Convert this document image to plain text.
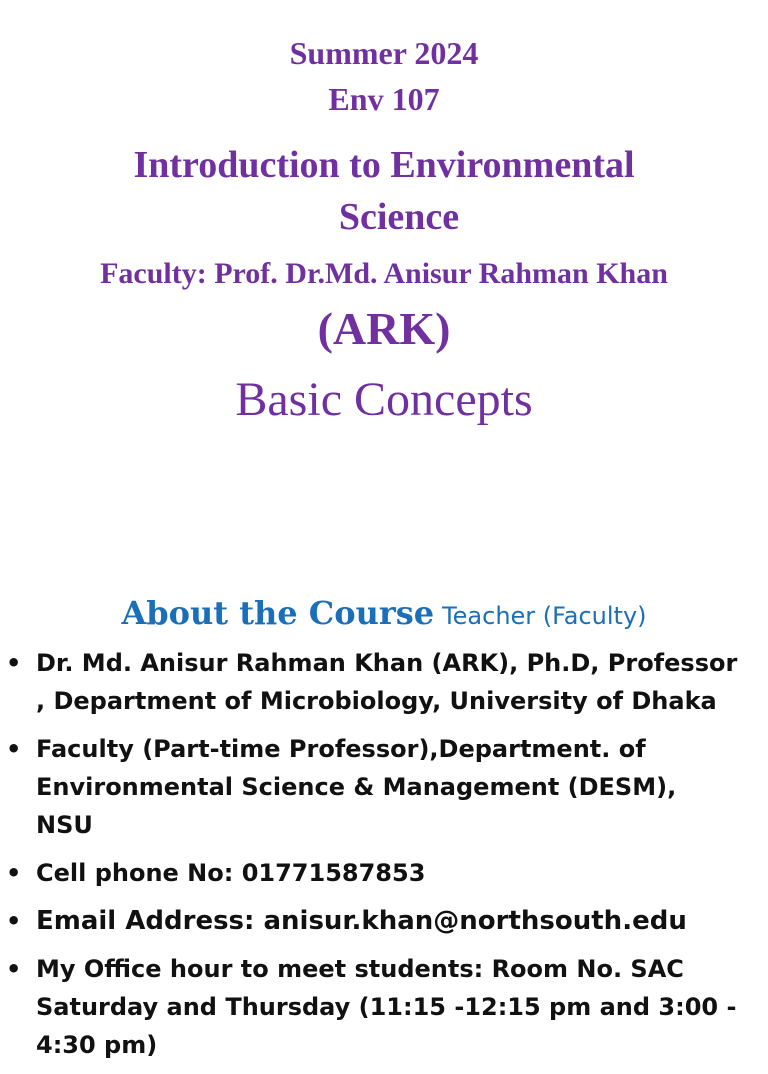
Summer 2024
Env 107
Introduction to Environmental
Science
Faculty: Prof. Dr.Md. Anisur Rahman Khan
(ARK)
Basic Concepts
About the Course Teacher (Faculty)
• Dr. Md. Anisur Rahman Khan (ARK), Ph.D, Professor , Department of Microbiology, University of Dhaka
• Faculty (Part-time Professor),Department. of Environmental Science & Management (DESM), NSU
• Cell phone No: 01771587853
• Email Address: anisur.khan@northsouth.edu
• My Office hour to meet students: Room No. SAC Saturday and Thursday (11:15 -12:15 pm and 3:00 - 4:30 pm)
